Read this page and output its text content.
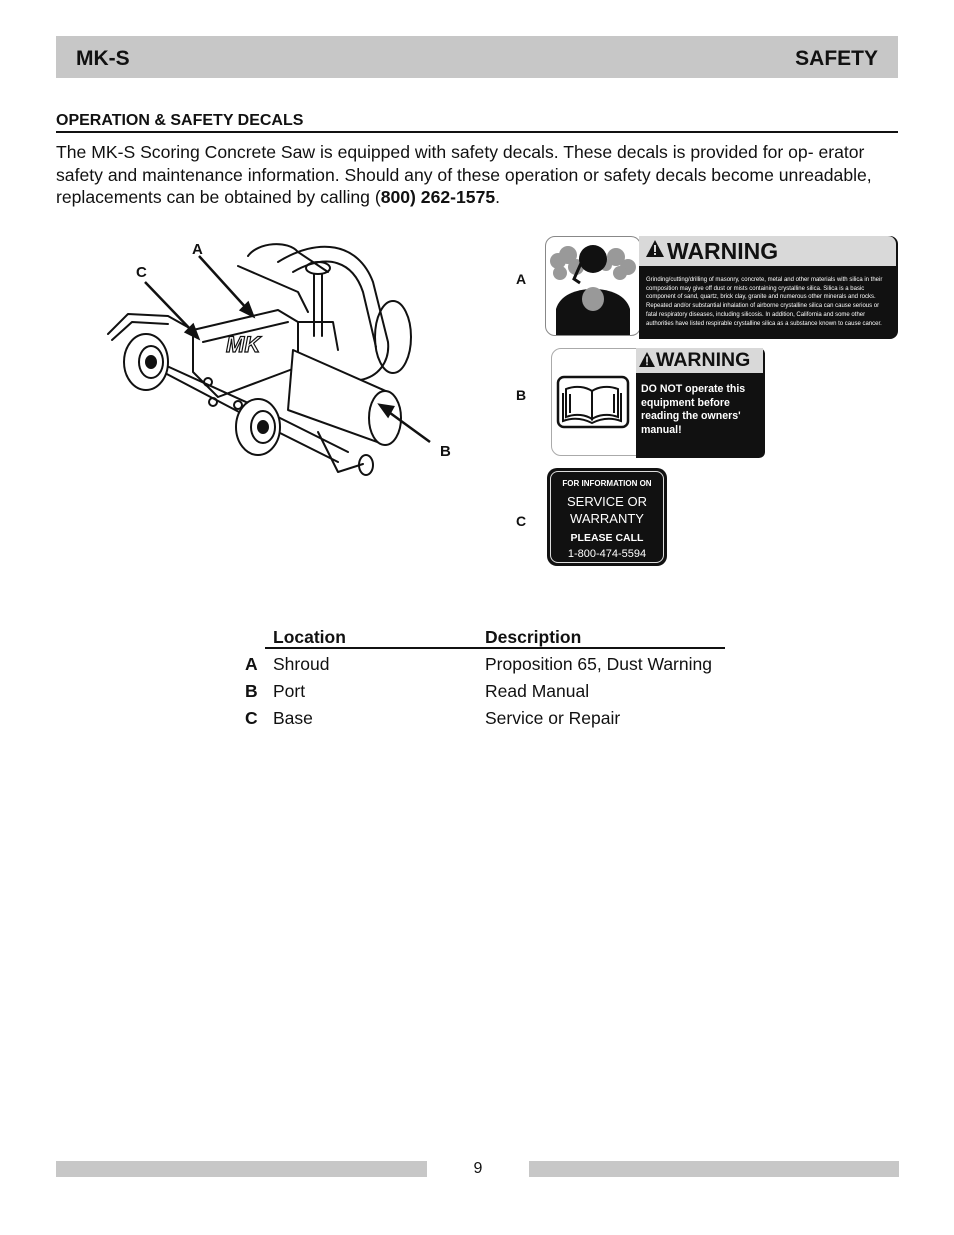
MK-S	SAFETY
OPERATION & SAFETY DECALS
The MK-S Scoring Concrete Saw is equipped with safety decals. These decals is provided for op- erator safety and maintenance information. Should any of these operation or safety decals become unreadable, replacements can be obtained by calling (800) 262-1575.
MK
A
C
B
A
WARNING
Grinding/cutting/drilling of masonry, concrete, metal and other materials with silica in their composition may give off dust or mists containing crystalline silica. Silica is a basic component of sand, quartz, brick clay, granite and numerous other minerals and rocks. Repeated and/or substantial inhalation of airborne crystalline silica can cause serious or fatal respiratory diseases, including silicosis. In addition, California and some other authorities have listed respirable crystalline silica as a substance known to cause cancer.
B
WARNING
DO NOT operate this equipment before reading the owners' manual!
C
FOR INFORMATION ON
SERVICE OR
WARRANTY
PLEASE CALL
1-800-474-5594
Location	Description
A Shroud	Proposition 65, Dust Warning
B Port	Read Manual
C Base	Service or Repair
9
